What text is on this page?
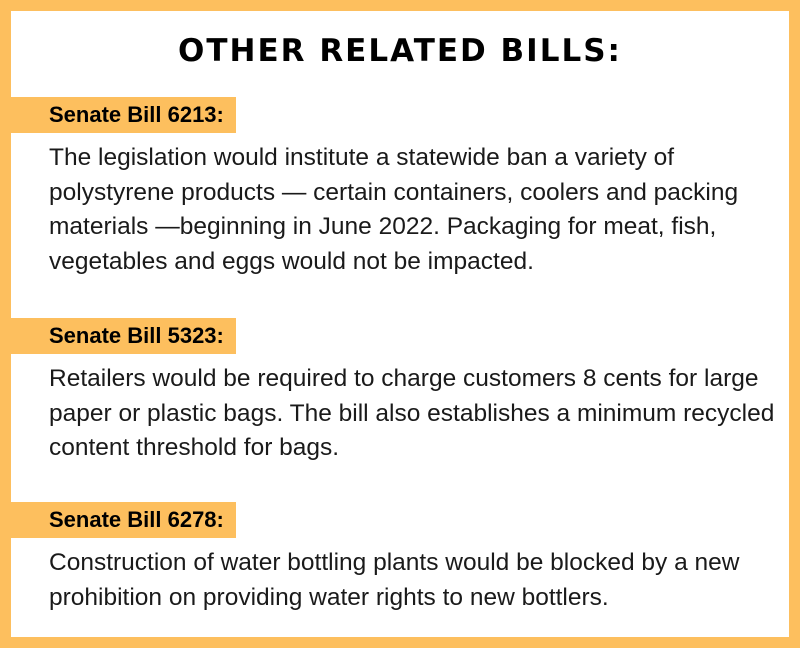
OTHER RELATED BILLS:
Senate Bill 6213:
The legislation would institute a statewide ban a variety of polystyrene products — certain containers, coolers and packing materials —beginning in June 2022. Packaging for meat, fish, vegetables and eggs would not be impacted.
Senate Bill 5323:
Retailers would be required to charge customers 8 cents for large paper or plastic bags. The bill also establishes a minimum recycled content threshold for bags.
Senate Bill 6278:
Construction of water bottling plants would be blocked by a new prohibition on providing water rights to new bottlers.
